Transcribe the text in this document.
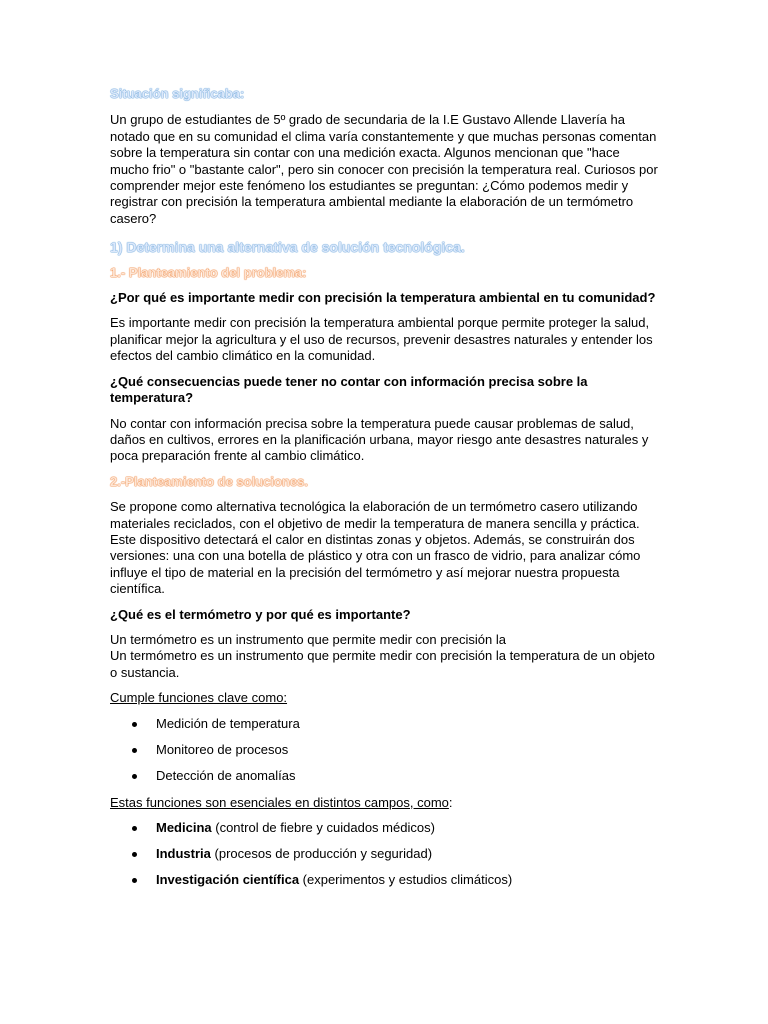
Situación significaba:

Un grupo de estudiantes de 5º grado de secundaria de la I.E Gustavo Allende Llavería ha notado que en su comunidad el clima varía constantemente y que muchas personas comentan sobre la temperatura sin contar con una medición exacta. Algunos mencionan que "hace mucho frio" o "bastante calor", pero sin conocer con precisión la temperatura real. Curiosos por comprender mejor este fenómeno los estudiantes se preguntan: ¿Cómo podemos medir y registrar con precisión la temperatura ambiental mediante la elaboración de un termómetro casero?

1) Determina una alternativa de solución tecnológica.

1.- Planteamiento del problema:

¿Por qué es importante medir con precisión la temperatura ambiental en tu comunidad?

Es importante medir con precisión la temperatura ambiental porque permite proteger la salud, planificar mejor la agricultura y el uso de recursos, prevenir desastres naturales y entender los efectos del cambio climático en la comunidad.

¿Qué consecuencias puede tener no contar con información precisa sobre la temperatura?

No contar con información precisa sobre la temperatura puede causar problemas de salud, daños en cultivos, errores en la planificación urbana, mayor riesgo ante desastres naturales y poca preparación frente al cambio climático.

2.-Planteamiento de soluciones.

Se propone como alternativa tecnológica la elaboración de un termómetro casero utilizando materiales reciclados, con el objetivo de medir la temperatura de manera sencilla y práctica. Este dispositivo detectará el calor en distintas zonas y objetos. Además, se construirán dos versiones: una con una botella de plástico y otra con un frasco de vidrio, para analizar cómo influye el tipo de material en la precisión del termómetro y así mejorar nuestra propuesta científica.

¿Qué es el termómetro y por qué es importante?

Un termómetro es un instrumento que permite medir con precisión la

Un termómetro es un instrumento que permite medir con precisión la temperatura de un objeto o sustancia.

Cumple funciones clave como:

Medición de temperatura
Monitoreo de procesos
Detección de anomalías

Estas funciones son esenciales en distintos campos, como:

Medicina (control de fiebre y cuidados médicos)
Industria (procesos de producción y seguridad)
Investigación científica (experimentos y estudios climáticos)
